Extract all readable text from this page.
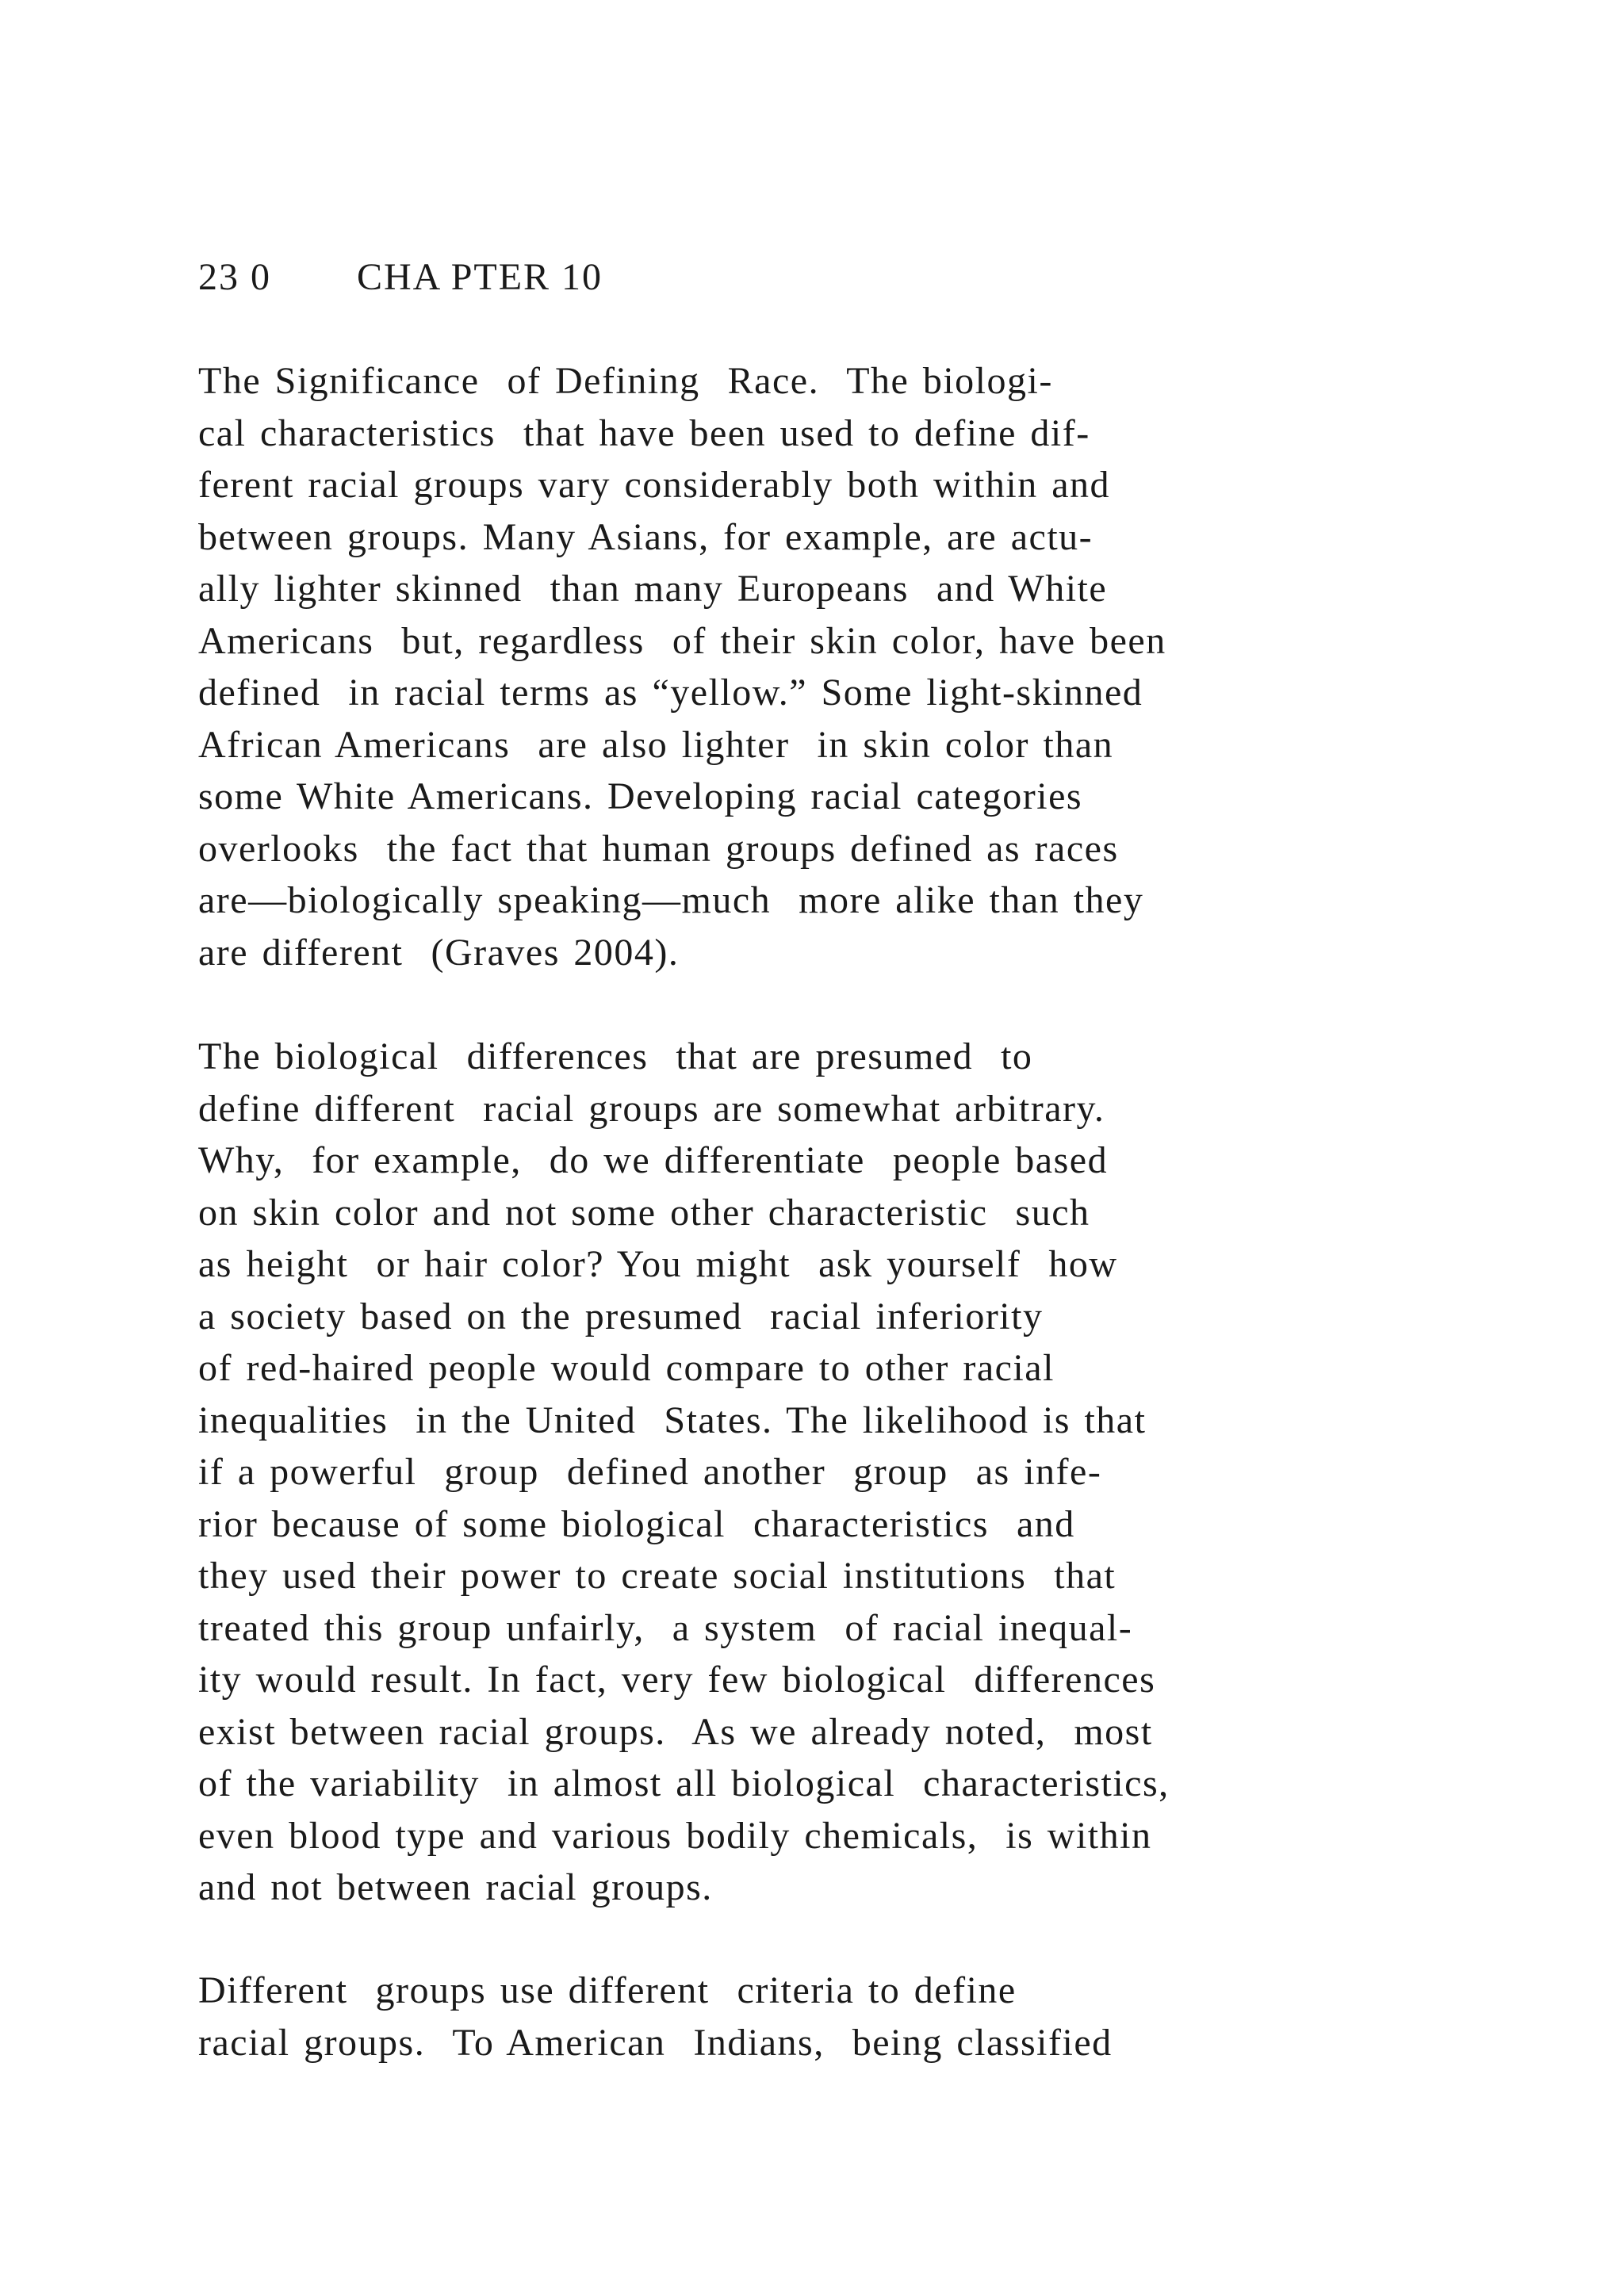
23 0 CHA PTER 10
The Significance  of Defining  Race.  The biologi-
cal characteristics  that have been used to define dif-
ferent racial groups vary considerably both within and
between groups. Many Asians, for example, are actu-
ally lighter skinned  than many Europeans  and White
Americans  but, regardless  of their skin color, have been
defined  in racial terms as “yellow.” Some light-skinned
African Americans  are also lighter  in skin color than
some White Americans. Developing racial categories
overlooks  the fact that human groups defined as races
are—biologically speaking—much  more alike than they
are different  (Graves 2004).
The biological  differences  that are presumed  to
define different  racial groups are somewhat arbitrary.
Why,  for example,  do we differentiate  people based
on skin color and not some other characteristic  such
as height  or hair color? You might  ask yourself  how
a society based on the presumed  racial inferiority
of red-haired people would compare to other racial
inequalities  in the United  States. The likelihood is that
if a powerful  group  defined another  group  as infe-
rior because of some biological  characteristics  and
they used their power to create social institutions  that
treated this group unfairly,  a system  of racial inequal-
ity would result. In fact, very few biological  differences
exist between racial groups.  As we already noted,  most
of the variability  in almost all biological  characteristics,
even blood type and various bodily chemicals,  is within
and not between racial groups.
Different  groups use different  criteria to define
racial groups.  To American  Indians,  being classified
